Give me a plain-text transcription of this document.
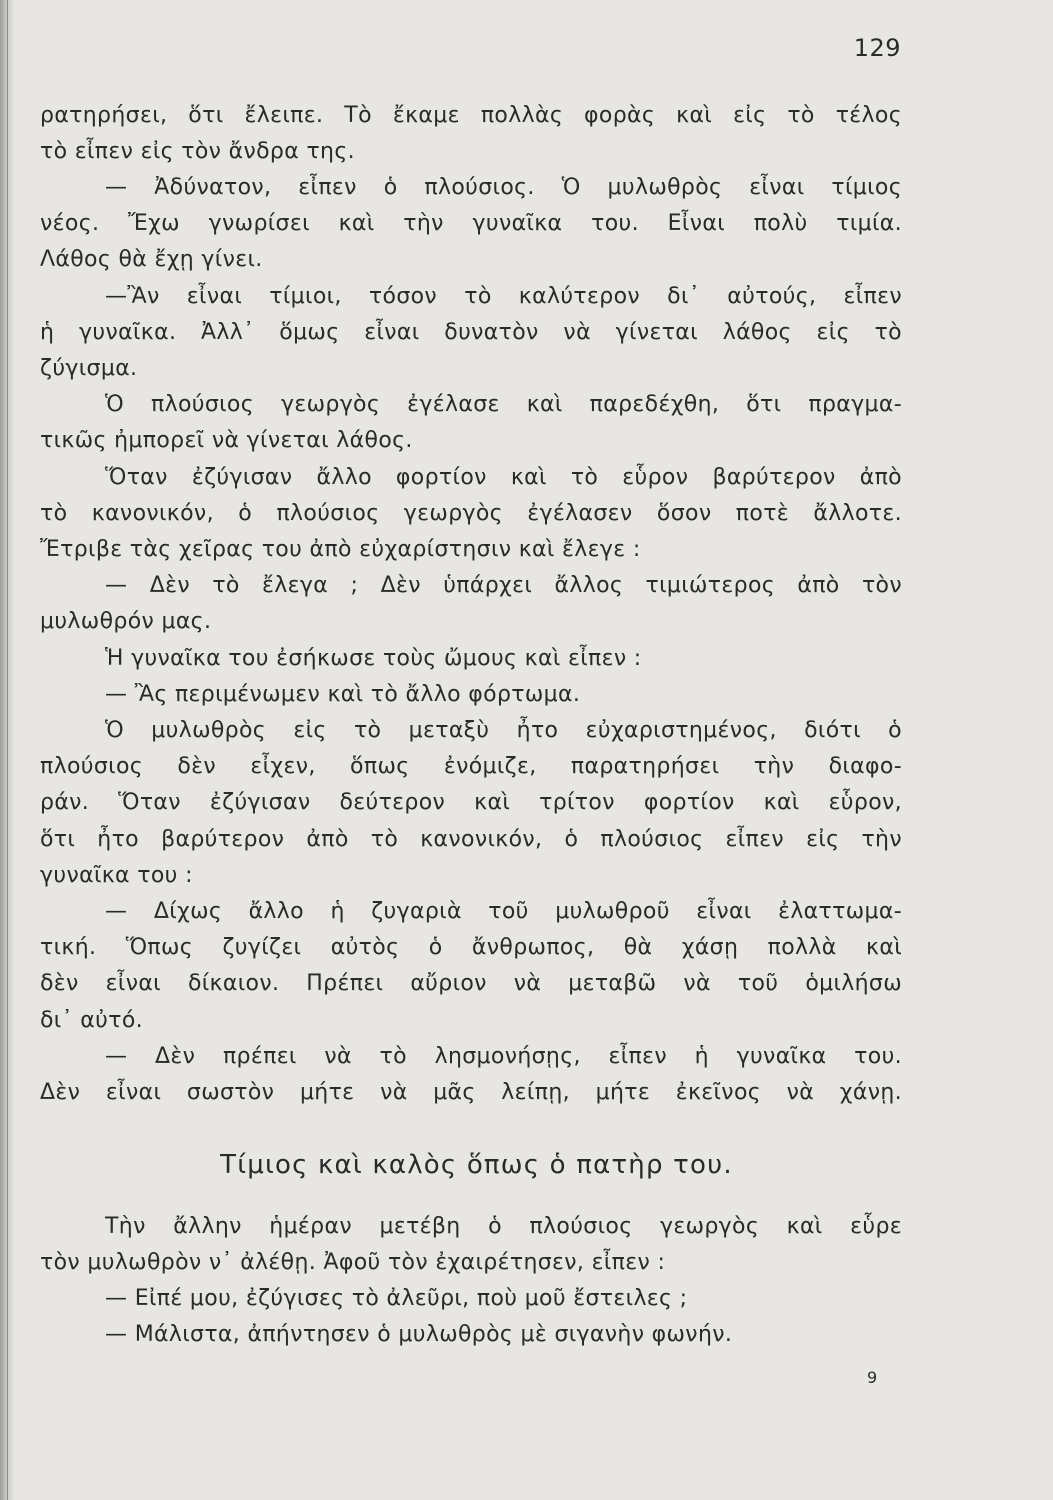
129
ρατηρήσει, ὅτι ἔλειπε. Τὸ ἔκαμε πολλὰς φορὰς καὶ εἰς τὸ τέλος
τὸ εἶπεν εἰς τὸν ἄνδρα της.
— Ἀδύνατον, εἶπεν ὁ πλούσιος. Ὁ μυλωθρὸς εἶναι τίμιος
νέος. Ἔχω γνωρίσει καὶ τὴν γυναῖκα του. Εἶναι πολὺ τιμία.
Λάθος θὰ ἔχῃ γίνει.
—Ἂν εἶναι τίμιοι, τόσον τὸ καλύτερον δι᾽ αὐτούς, εἶπεν
ἡ γυναῖκα. Ἀλλ᾽ ὅμως εἶναι δυνατὸν νὰ γίνεται λάθος εἰς τὸ
ζύγισμα.
Ὁ πλούσιος γεωργὸς ἐγέλασε καὶ παρεδέχθη, ὅτι πραγμα-
τικῶς ἠμπορεῖ νὰ γίνεται λάθος.
Ὅταν ἐζύγισαν ἄλλο φορτίον καὶ τὸ εὗρον βαρύτερον ἀπὸ
τὸ κανονικόν, ὁ πλούσιος γεωργὸς ἐγέλασεν ὅσον ποτὲ ἄλλοτε.
Ἔτριβε τὰς χεῖρας του ἀπὸ εὐχαρίστησιν καὶ ἔλεγε :
— Δὲν τὸ ἔλεγα ; Δὲν ὑπάρχει ἄλλος τιμιώτερος ἀπὸ τὸν
μυλωθρόν μας.
Ἡ γυναῖκα του ἐσήκωσε τοὺς ὤμους καὶ εἶπεν :
— Ἂς περιμένωμεν καὶ τὸ ἄλλο φόρτωμα.
Ὁ μυλωθρὸς εἰς τὸ μεταξὺ ἦτο εὐχαριστημένος, διότι ὁ
πλούσιος δὲν εἶχεν, ὅπως ἐνόμιζε, παρατηρήσει τὴν διαφο-
ράν. Ὅταν ἐζύγισαν δεύτερον καὶ τρίτον φορτίον καὶ εὗρον,
ὅτι ἦτο βαρύτερον ἀπὸ τὸ κανονικόν, ὁ πλούσιος εἶπεν εἰς τὴν
γυναῖκα του :
— Δίχως ἄλλο ἡ ζυγαριὰ τοῦ μυλωθροῦ εἶναι ἐλαττωμα-
τική. Ὅπως ζυγίζει αὐτὸς ὁ ἄνθρωπος, θὰ χάσῃ πολλὰ καὶ
δὲν εἶναι δίκαιον. Πρέπει αὔριον νὰ μεταβῶ νὰ τοῦ ὁμιλήσω
δι᾽ αὐτό.
— Δὲν πρέπει νὰ τὸ λησμονήσῃς, εἶπεν ἡ γυναῖκα του.
Δὲν εἶναι σωστὸν μήτε νὰ μᾶς λείπῃ, μήτε ἐκεῖνος νὰ χάνῃ.
Τίμιος καὶ καλὸς ὅπως ὁ πατὴρ του.
Τὴν ἄλλην ἡμέραν μετέβη ὁ πλούσιος γεωργὸς καὶ εὗρε
τὸν μυλωθρὸν ν᾽ ἀλέθῃ. Ἀφοῦ τὸν ἐχαιρέτησεν, εἶπεν :
— Εἰπέ μου, ἐζύγισες τὸ ἀλεῦρι, ποὺ μοῦ ἔστειλες ;
— Μάλιστα, ἀπήντησεν ὁ μυλωθρὸς μὲ σιγανὴν φωνήν.
9
